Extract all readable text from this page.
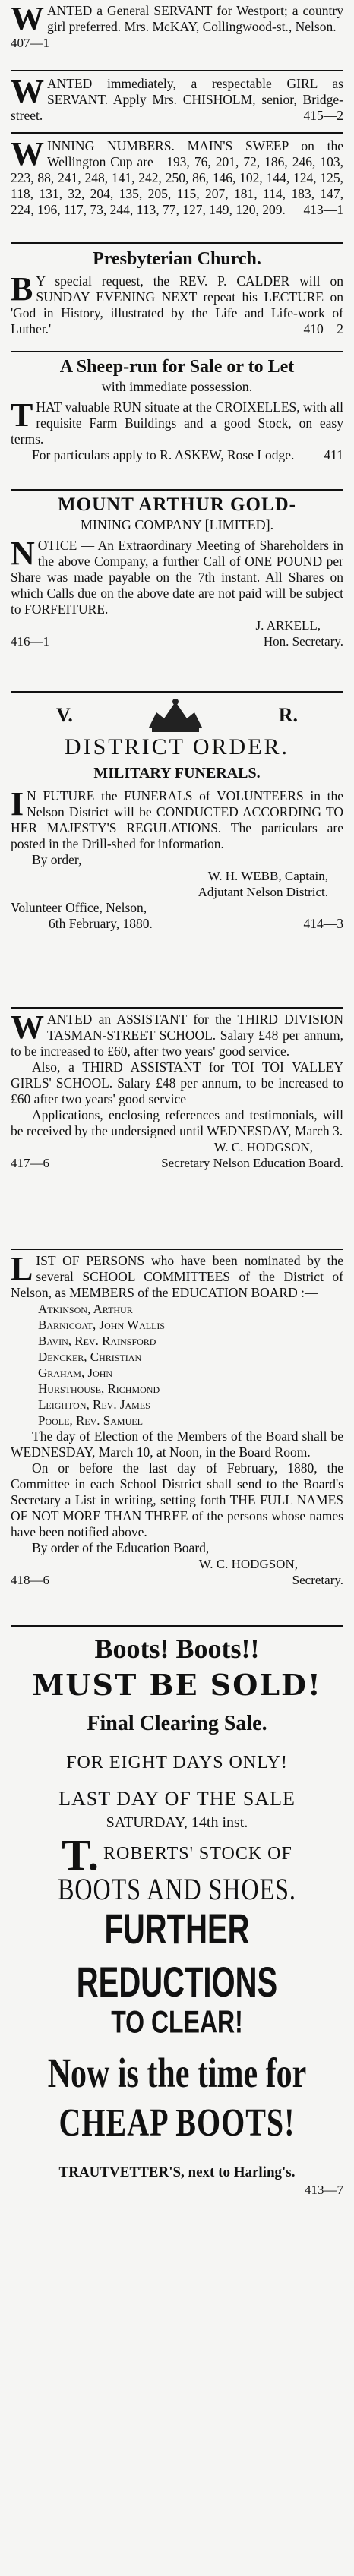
WANTED a General SERVANT for Westport; a country girl preferred. Mrs. McKAY, Collingwood-st., Nelson.
407—1
WANTED immediately, a respectable GIRL as SERVANT. Apply Mrs. CHISHOLM, senior, Bridge-street.	415—2
WINNING NUMBERS. MAIN'S SWEEP on the Wellington Cup are—193, 76, 201, 72, 186, 246, 103, 223, 88, 241, 248, 141, 242, 250, 86, 146, 102, 144, 124, 125, 118, 131, 32, 204, 135, 205, 115, 207, 181, 114, 183, 147, 224, 196, 117, 73, 244, 113, 77, 127, 149, 120, 209. 413—1
Presbyterian Church.
B Y special request, the REV. P. CALDER will on SUNDAY EVENING NEXT repeat his LECTURE on 'God in History, illustrated by the Life and Life-work of Luther.'	410—2
A Sheep-run for Sale or to Let
with immediate possession.
THAT valuable RUN situate at the CROIXELLES, with all requisite Farm Buildings and a good Stock, on easy terms.
For particulars apply to R. ASKEW, Rose Lodge.	411
MOUNT ARTHUR GOLD-
MINING COMPANY [LIMITED].
NOTICE — An Extraordinary Meeting of Shareholders in the above Company, a further Call of ONE POUND per Share was made payable on the 7th instant. All Shares on which Calls due on the above date are not paid will be subject to FORFEITURE.
J. ARKELL,
416—1	Hon. Secretary.
V.	R.
DISTRICT ORDER.
MILITARY FUNERALS.
I N FUTURE the FUNERALS of VOLUNTEERS in the Nelson District will be CONDUCTED ACCORDING TO HER MAJESTY'S REGULATIONS. The particulars are posted in the Drill-shed for information.
By order,
W. H. WEBB, Captain,
Adjutant Nelson District.
Volunteer Office, Nelson,
6th February, 1880.	414—3
WANTED an ASSISTANT for the THIRD DIVISION TASMAN-STREET SCHOOL. Salary £48 per annum, to be increased to £60, after two years' good service.
Also, a THIRD ASSISTANT for TOI TOI VALLEY GIRLS' SCHOOL. Salary £48 per annum, to be increased to £60 after two years' good service
Applications, enclosing references and testimonials, will be received by the undersigned until WEDNESDAY, March 3.
W. C. HODGSON,
417—6	Secretary Nelson Education Board.
LIST OF PERSONS who have been nominated by the several SCHOOL COMMITTEES of the District of Nelson, as MEMBERS of the EDUCATION BOARD :—

Atkinson, Arthur

Barnicoat, John Wallis

Bavin, Rev. Rainsford

Dencker, Christian

Graham, John

Hursthouse, Richmond

Leighton, Rev. James

Poole, Rev. Samuel

The day of Election of the Members of the Board shall be WEDNESDAY, March 10, at Noon, in the Board Room.
On or before the last day of February, 1880, the Committee in each School District shall send to the Board's Secretary a List in writing, setting forth THE FULL NAMES OF NOT MORE THAN THREE of the persons whose names have been notified above.
By order of the Education Board,
W. C. HODGSON,
418—6	Secretary.
Boots! Boots!!
MUST BE SOLD!
Final Clearing Sale.
FOR EIGHT DAYS ONLY!
LAST DAY OF THE SALE
SATURDAY, 14th inst.
T. ROBERTS' STOCK OF
BOOTS AND SHOES.
FURTHER REDUCTIONS
TO CLEAR!
Now is the time for
CHEAP BOOTS!
TRAUTVETTER'S, next to Harling's.
413—7
